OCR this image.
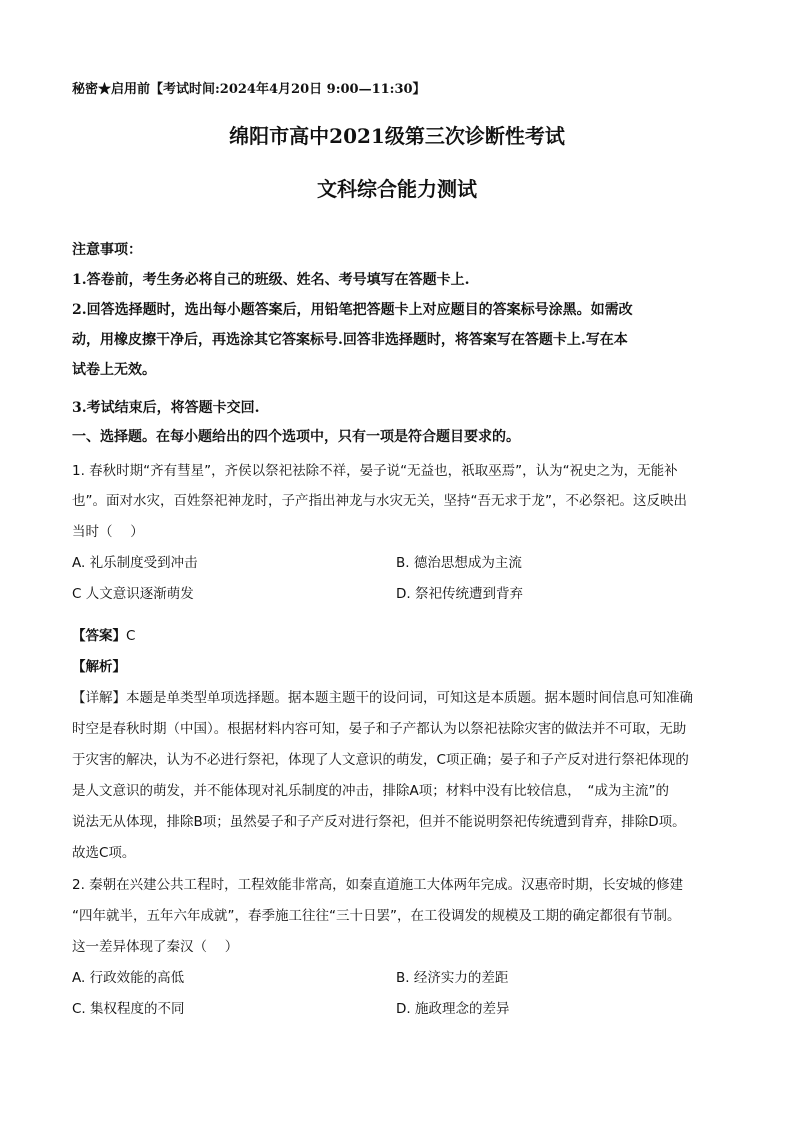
秘密★启用前【考试时间:2024年4月20日 9:00—11:30】
绵阳市高中2021级第三次诊断性考试
文科综合能力测试
注意事项：
1.答卷前，考生务必将自己的班级、姓名、考号填写在答题卡上.
2.回答选择题时，选出每小题答案后，用铅笔把答题卡上对应题目的答案标号涂黑。如需改
动，用橡皮擦干净后，再选涂其它答案标号.回答非选择题时，将答案写在答题卡上.写在本
试卷上无效。
3.考试结束后，将答题卡交回.
一、选择题。在每小题给出的四个选项中，只有一项是符合题目要求的。
1. 春秋时期“齐有彗星”，齐侯以祭祀祛除不祥，晏子说“无益也，祇取巫焉”，认为“祝史之为，无能补
也”。面对水灾，百姓祭祀神龙时，子产指出神龙与水灾无关，坚持“吾无求于龙”，不必祭祀。这反映出
当时（　 ）
A. 礼乐制度受到冲击	B. 德治思想成为主流
C 人文意识逐渐萌发	D. 祭祀传统遭到背弃
【答案】C
【解析】
【详解】本题是单类型单项选择题。据本题主题干的设问词，可知这是本质题。据本题时间信息可知准确
时空是春秋时期（中国）。根据材料内容可知，晏子和子产都认为以祭祀祛除灾害的做法并不可取，无助
于灾害的解决，认为不必进行祭祀，体现了人文意识的萌发，C项正确；晏子和子产反对进行祭祀体现的
是人文意识的萌发，并不能体现对礼乐制度的冲击，排除A项；材料中没有比较信息，　“成为主流”的
说法无从体现，排除B项；虽然晏子和子产反对进行祭祀，但并不能说明祭祀传统遭到背弃，排除D项。
故选C项。
2. 秦朝在兴建公共工程时，工程效能非常高，如秦直道施工大体两年完成。汉惠帝时期，长安城的修建
“四年就半，五年六年成就”，春季施工往往“三十日罢”，在工役调发的规模及工期的确定都很有节制。
这一差异体现了秦汉（　 ）
A. 行政效能的高低	B. 经济实力的差距
C. 集权程度的不同	D. 施政理念的差异
